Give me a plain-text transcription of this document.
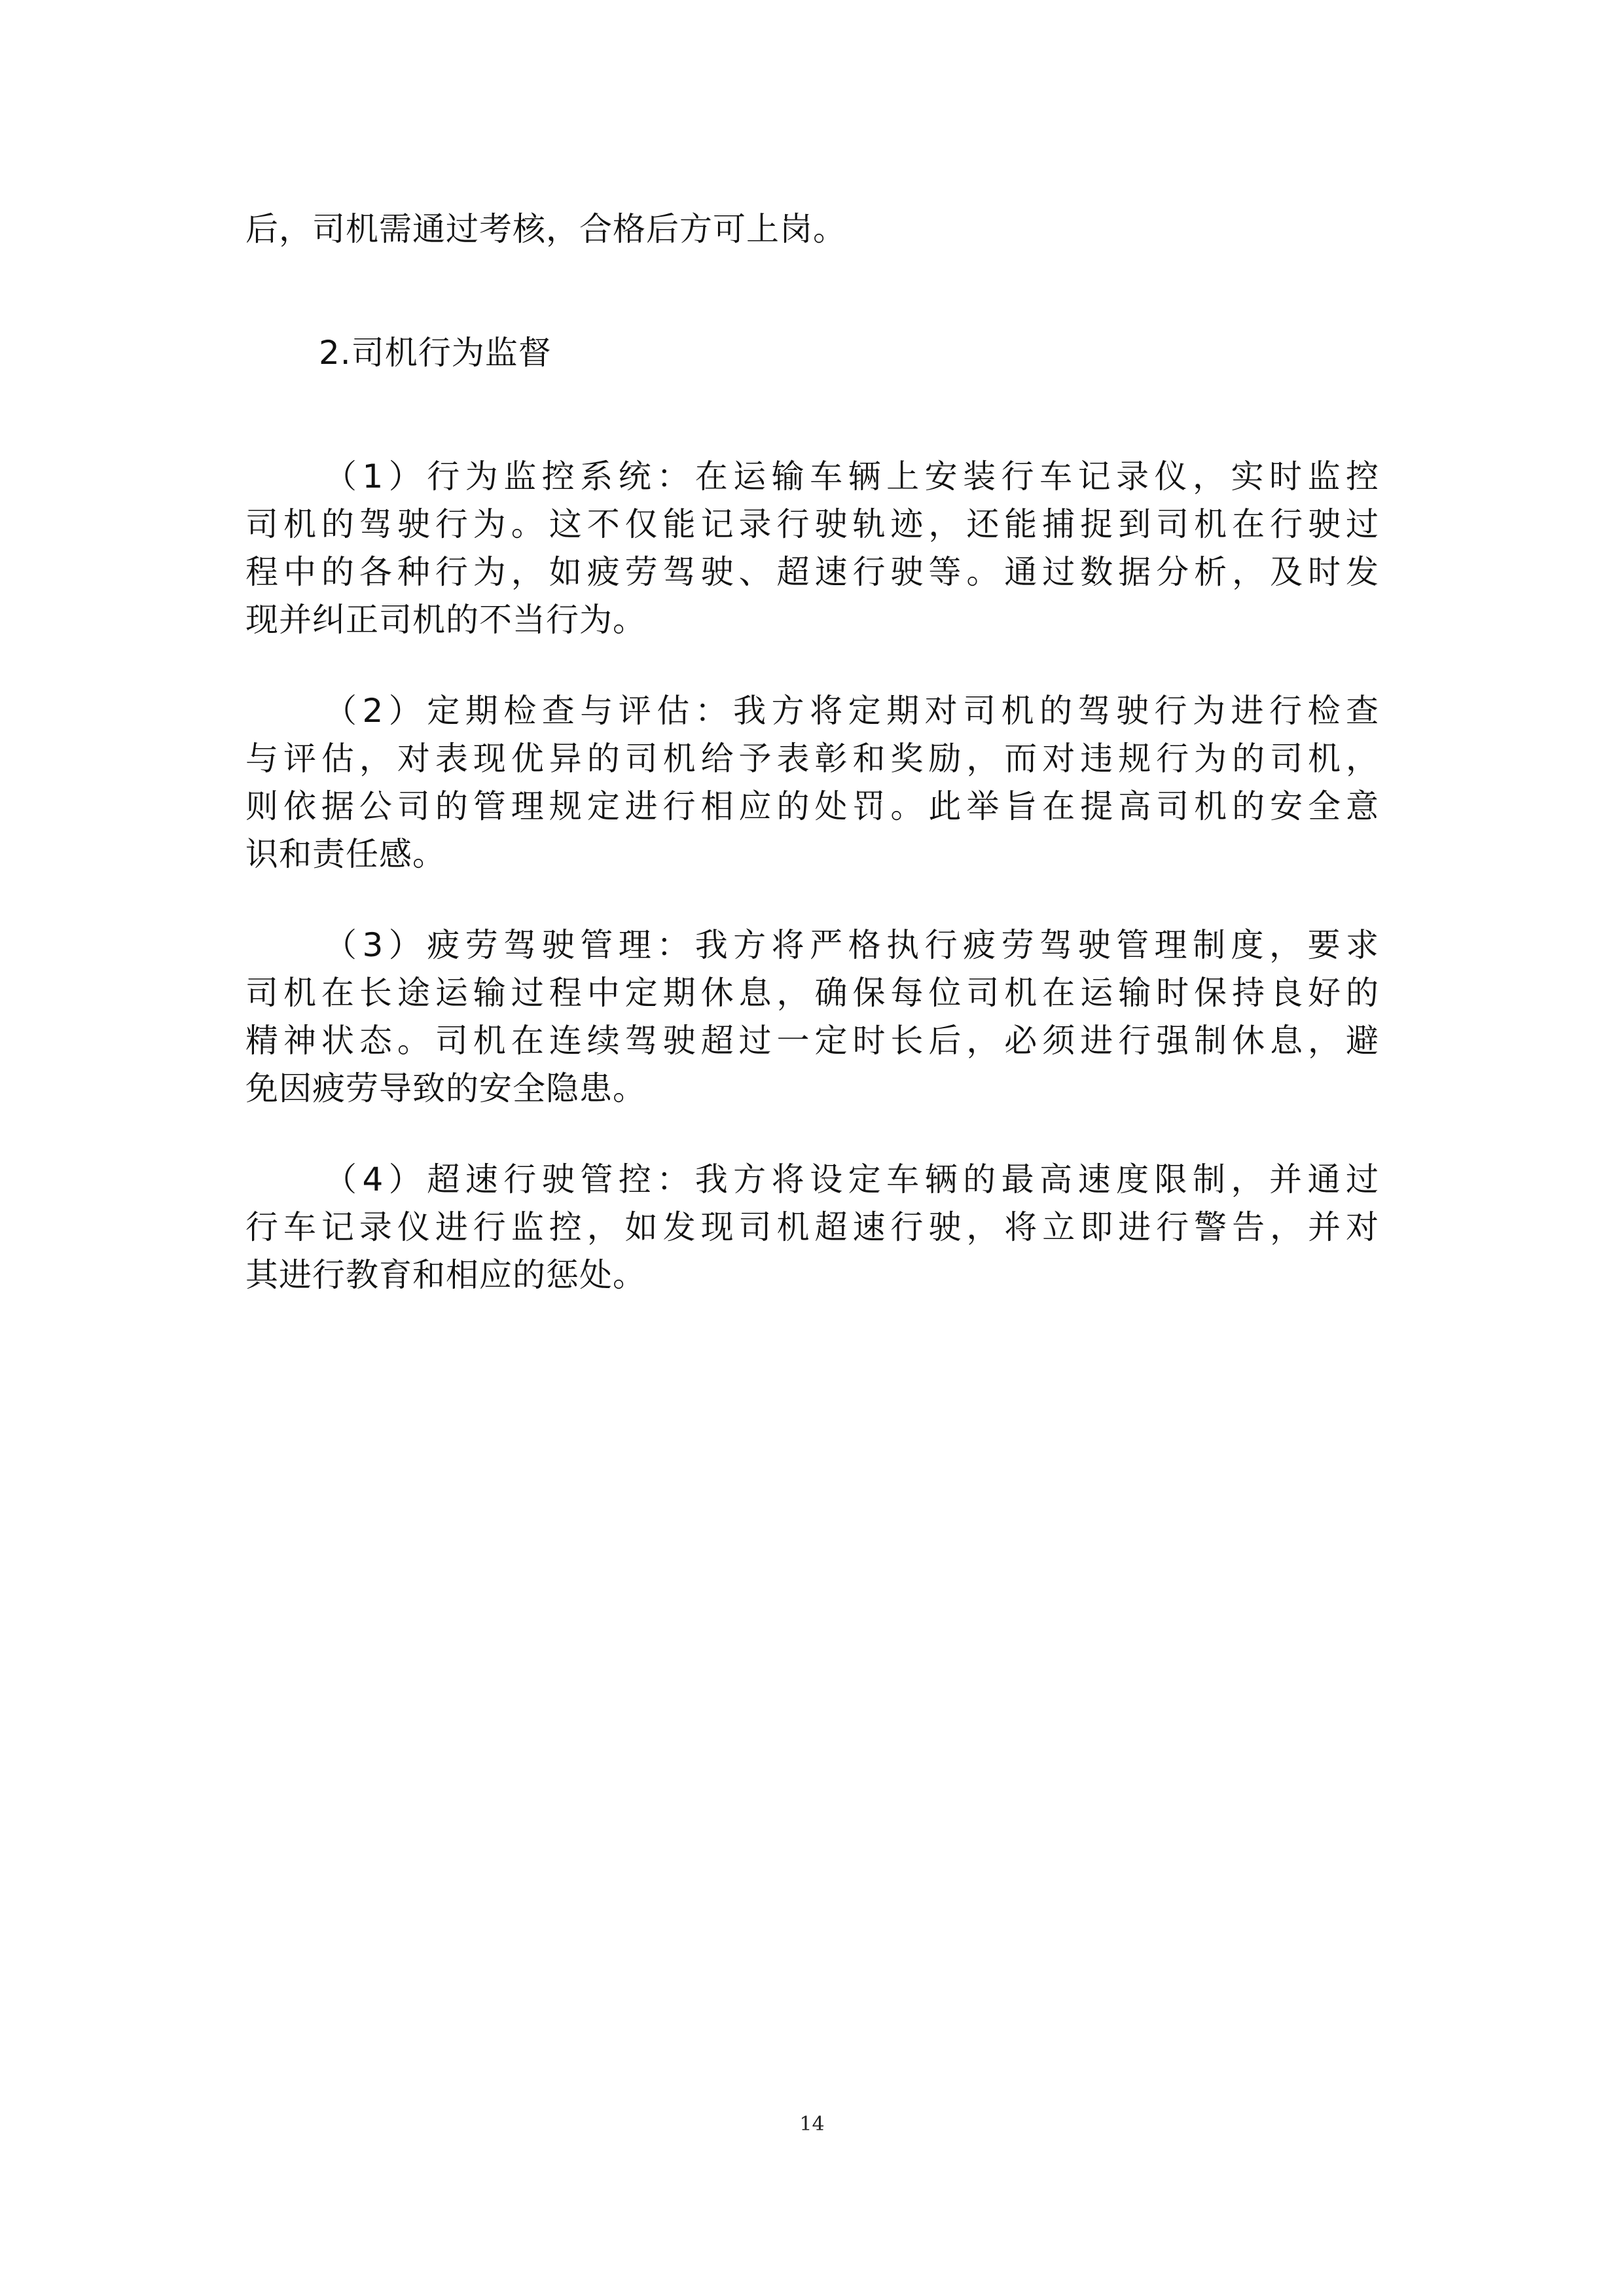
后，司机需通过考核，合格后方可上岗。

2.司机行为监督

（1）行为监控系统：在运输车辆上安装行车记录仪，实时监控

司机的驾驶行为。这不仅能记录行驶轨迹，还能捕捉到司机在行驶过

程中的各种行为，如疲劳驾驶、超速行驶等。通过数据分析，及时发

现并纠正司机的不当行为。

（2）定期检查与评估：我方将定期对司机的驾驶行为进行检查

与评估，对表现优异的司机给予表彰和奖励，而对违规行为的司机，

则依据公司的管理规定进行相应的处罚。此举旨在提高司机的安全意

识和责任感。

（3）疲劳驾驶管理：我方将严格执行疲劳驾驶管理制度，要求

司机在长途运输过程中定期休息，确保每位司机在运输时保持良好的

精神状态。司机在连续驾驶超过一定时长后，必须进行强制休息，避

免因疲劳导致的安全隐患。

（4）超速行驶管控：我方将设定车辆的最高速度限制，并通过

行车记录仪进行监控，如发现司机超速行驶，将立即进行警告，并对

其进行教育和相应的惩处。

14
